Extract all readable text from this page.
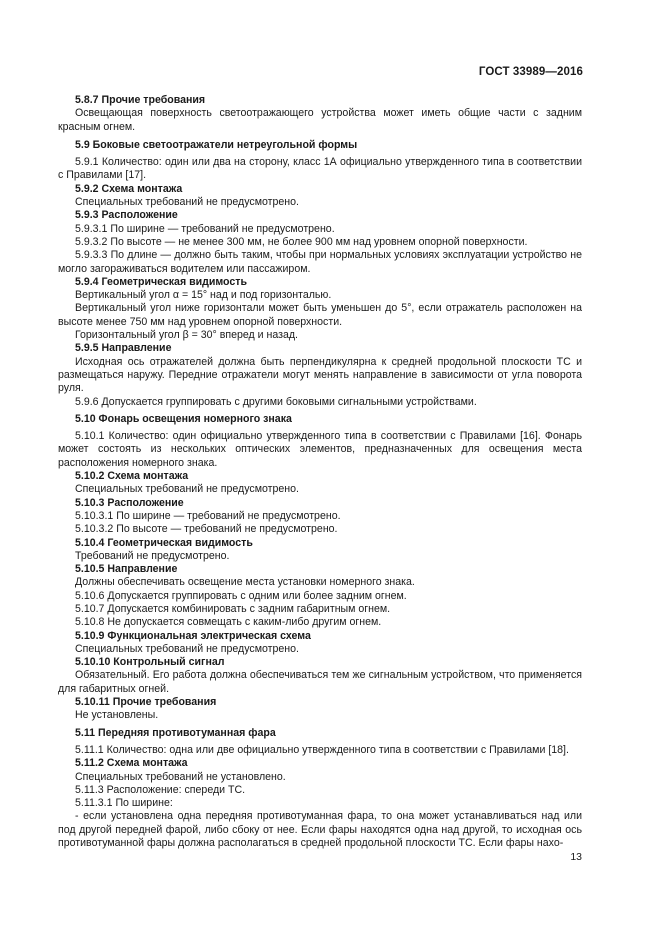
ГОСТ 33989—2016

5.8.7 Прочие требования

Освещающая поверхность светоотражающего устройства может иметь общие части с задним красным огнем.

5.9 Боковые светоотражатели нетреугольной формы

5.9.1 Количество: один или два на сторону, класс 1А официально утвержденного типа в соответствии с Правилами [17].

5.9.2 Схема монтажа

Специальных требований не предусмотрено.

5.9.3 Расположение

5.9.3.1 По ширине — требований не предусмотрено.

5.9.3.2 По высоте — не менее 300 мм, не более 900 мм над уровнем опорной поверхности.

5.9.3.3 По длине — должно быть таким, чтобы при нормальных условиях эксплуатации устройство не могло загораживаться водителем или пассажиром.

5.9.4 Геометрическая видимость

Вертикальный угол α = 15° над и под горизонталью.

Вертикальный угол ниже горизонтали может быть уменьшен до 5°, если отражатель расположен на высоте менее 750 мм над уровнем опорной поверхности.

Горизонтальный угол β = 30° вперед и назад.

5.9.5 Направление

Исходная ось отражателей должна быть перпендикулярна к средней продольной плоскости ТС и размещаться наружу. Передние отражатели могут менять направление в зависимости от угла поворота руля.

5.9.6 Допускается группировать с другими боковыми сигнальными устройствами.

5.10 Фонарь освещения номерного знака

5.10.1 Количество: один официально утвержденного типа в соответствии с Правилами [16]. Фонарь может состоять из нескольких оптических элементов, предназначенных для освещения места расположения номерного знака.

5.10.2 Схема монтажа

Специальных требований не предусмотрено.

5.10.3 Расположение

5.10.3.1 По ширине — требований не предусмотрено.

5.10.3.2 По высоте — требований не предусмотрено.

5.10.4 Геометрическая видимость

Требований не предусмотрено.

5.10.5 Направление

Должны обеспечивать освещение места установки номерного знака.

5.10.6 Допускается группировать с одним или более задним огнем.

5.10.7 Допускается комбинировать с задним габаритным огнем.

5.10.8 Не допускается совмещать с каким-либо другим огнем.

5.10.9 Функциональная электрическая схема

Специальных требований не предусмотрено.

5.10.10 Контрольный сигнал

Обязательный. Его работа должна обеспечиваться тем же сигнальным устройством, что применяется для габаритных огней.

5.10.11 Прочие требования

Не установлены.

5.11 Передняя противотуманная фара

5.11.1 Количество: одна или две официально утвержденного типа в соответствии с Правилами [18].

5.11.2 Схема монтажа

Специальных требований не установлено.

5.11.3 Расположение: спереди ТС.

5.11.3.1 По ширине:

- если установлена одна передняя противотуманная фара, то она может устанавливаться над или под другой передней фарой, либо сбоку от нее. Если фары находятся одна над другой, то исходная ось противотуманной фары должна располагаться в средней продольной плоскости ТС. Если фары нахо-

13
